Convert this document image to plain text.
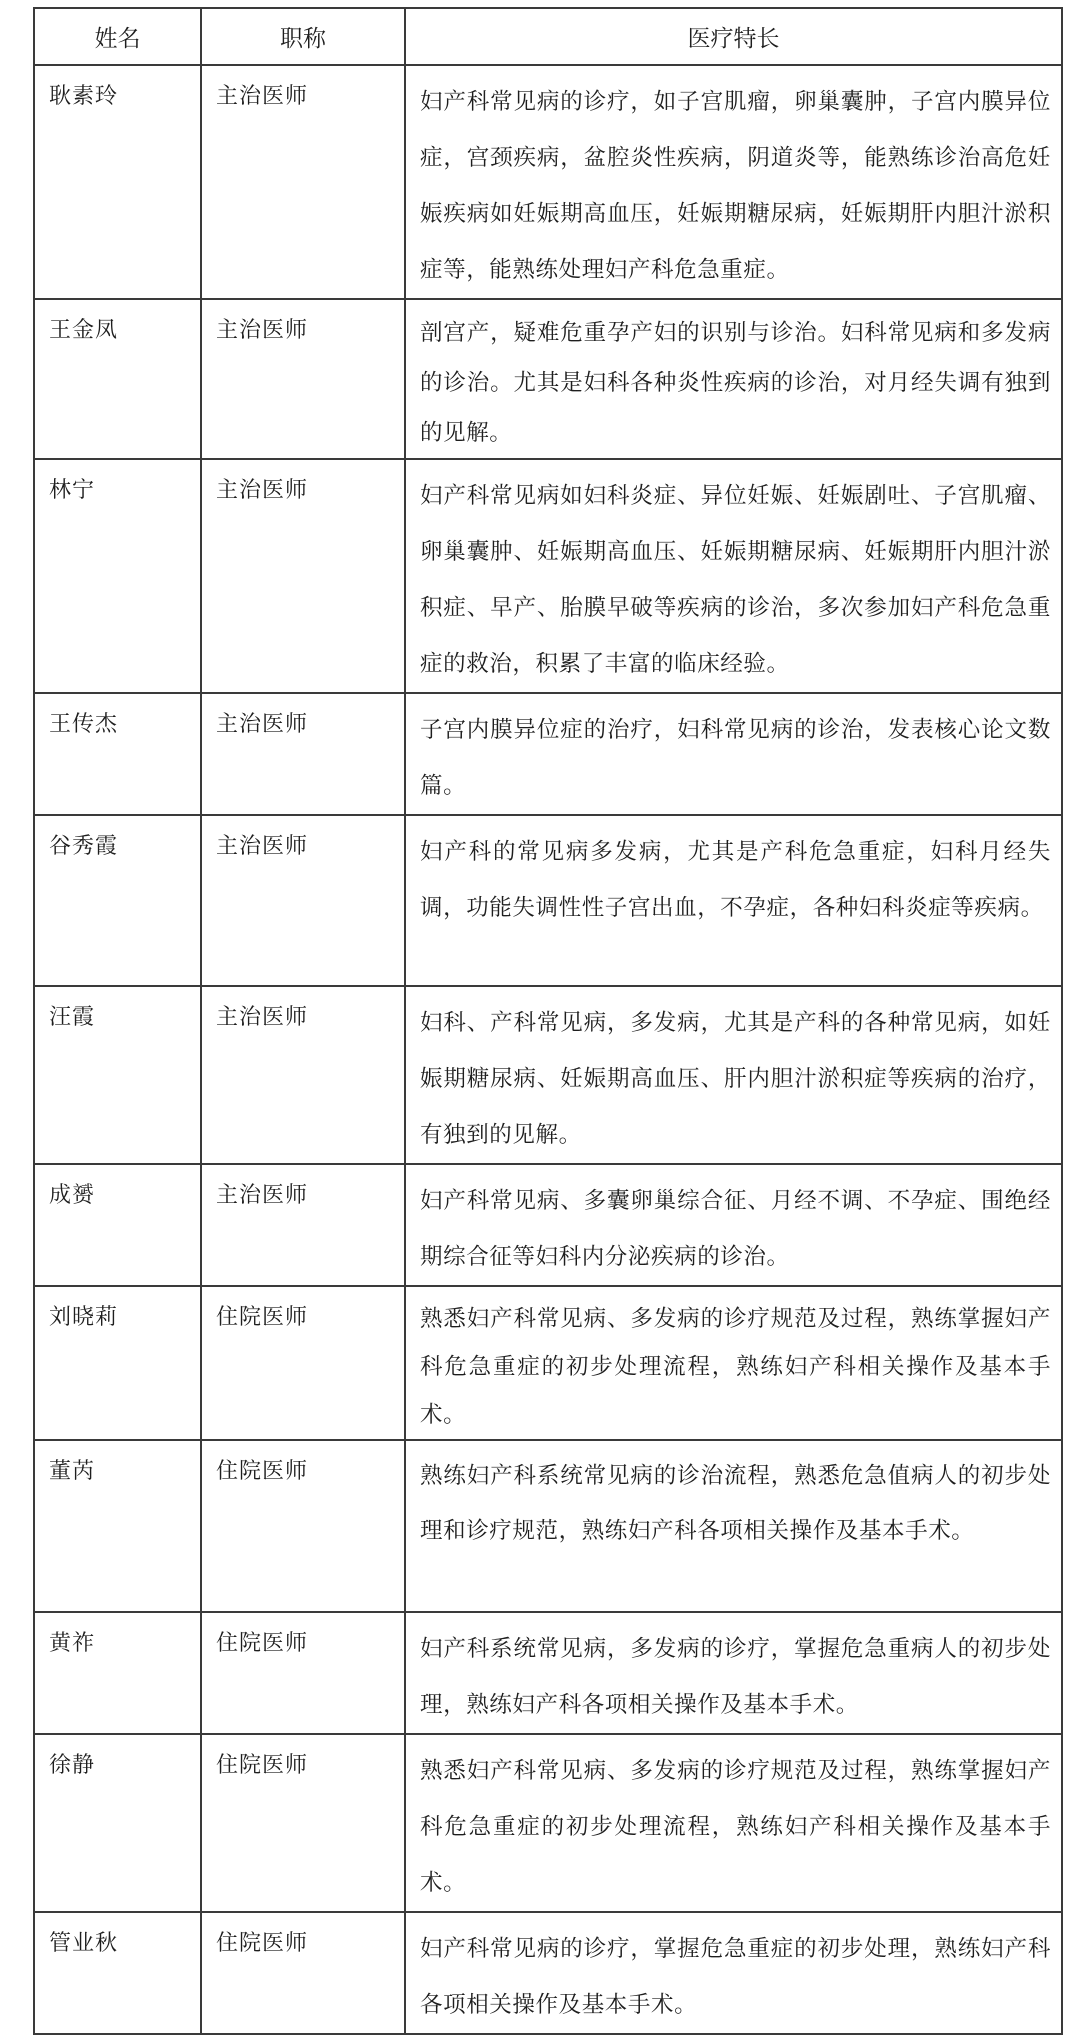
姓名	职称	医疗特长
耿素玲	主治医师	妇产科常见病的诊疗，如子宫肌瘤，卵巢囊肿，子宫内膜异位症，宫颈疾病，盆腔炎性疾病，阴道炎等，能熟练诊治高危妊娠疾病如妊娠期高血压，妊娠期糖尿病，妊娠期肝内胆汁淤积症等，能熟练处理妇产科危急重症。
王金凤	主治医师	剖宫产，疑难危重孕产妇的识别与诊治。妇科常见病和多发病的诊治。尤其是妇科各种炎性疾病的诊治，对月经失调有独到的见解。
林宁	主治医师	妇产科常见病如妇科炎症、异位妊娠、妊娠剧吐、子宫肌瘤、卵巢囊肿、妊娠期高血压、妊娠期糖尿病、妊娠期肝内胆汁淤积症、早产、胎膜早破等疾病的诊治，多次参加妇产科危急重症的救治，积累了丰富的临床经验。
王传杰	主治医师	子宫内膜异位症的治疗，妇科常见病的诊治，发表核心论文数篇。
谷秀霞	主治医师	妇产科的常见病多发病，尤其是产科危急重症，妇科月经失调，功能失调性性子宫出血，不孕症，各种妇科炎症等疾病。
汪霞	主治医师	妇科、产科常见病，多发病，尤其是产科的各种常见病，如妊娠期糖尿病、妊娠期高血压、肝内胆汁淤积症等疾病的治疗，有独到的见解。
成赟	主治医师	妇产科常见病、多囊卵巢综合征、月经不调、不孕症、围绝经期综合征等妇科内分泌疾病的诊治。
刘晓莉	住院医师	熟悉妇产科常见病、多发病的诊疗规范及过程，熟练掌握妇产科危急重症的初步处理流程，熟练妇产科相关操作及基本手术。
董芮	住院医师	熟练妇产科系统常见病的诊治流程，熟悉危急值病人的初步处理和诊疗规范，熟练妇产科各项相关操作及基本手术。
黄祚	住院医师	妇产科系统常见病，多发病的诊疗，掌握危急重病人的初步处理，熟练妇产科各项相关操作及基本手术。
徐静	住院医师	熟悉妇产科常见病、多发病的诊疗规范及过程，熟练掌握妇产科危急重症的初步处理流程，熟练妇产科相关操作及基本手术。
管业秋	住院医师	妇产科常见病的诊疗，掌握危急重症的初步处理，熟练妇产科各项相关操作及基本手术。
